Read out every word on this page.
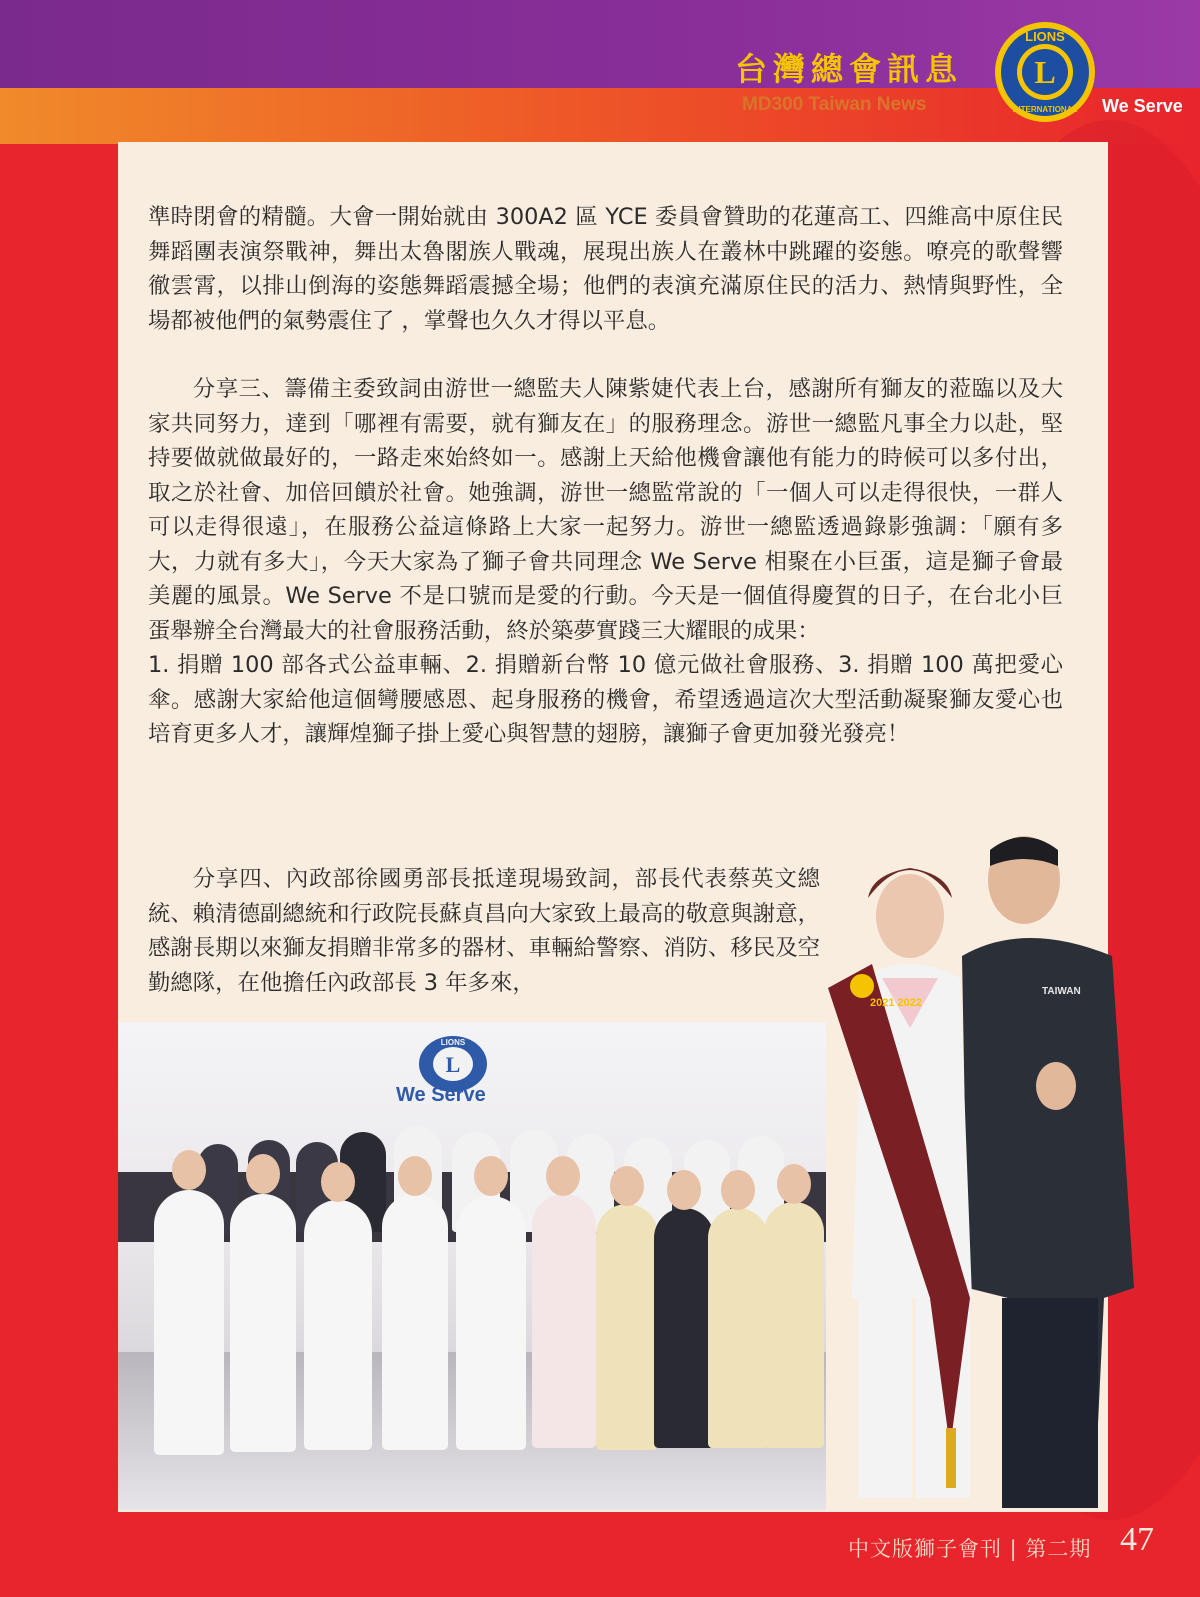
台灣總會訊息
MD300 Taiwan News
L
LIONS
INTERNATIONAL We Serve

準時閉會的精髓。大會一開始就由 300A2 區 YCE 委員會贊助的花蓮高工、四維高中原住民舞蹈團表演祭戰神，舞出太魯閣族人戰魂，展現出族人在叢林中跳躍的姿態。嘹亮的歌聲響徹雲霄，以排山倒海的姿態舞蹈震撼全場；他們的表演充滿原住民的活力、熱情與野性，全場都被他們的氣勢震住了 ，掌聲也久久才得以平息。

分享三、籌備主委致詞由游世一總監夫人陳紫婕代表上台，感謝所有獅友的蒞臨以及大家共同努力，達到「哪裡有需要，就有獅友在」的服務理念。游世一總監凡事全力以赴，堅持要做就做最好的，一路走來始終如一。感謝上天給他機會讓他有能力的時候可以多付出，取之於社會、加倍回饋於社會。她強調，游世一總監常說的「一個人可以走得很快，一群人可以走得很遠」，在服務公益這條路上大家一起努力。游世一總監透過錄影強調：「願有多大，力就有多大」，今天大家為了獅子會共同理念 We Serve 相聚在小巨蛋，這是獅子會最美麗的風景。We Serve 不是口號而是愛的行動。今天是一個值得慶賀的日子，在台北小巨蛋舉辦全台灣最大的社會服務活動，終於築夢實踐三大耀眼的成果：

1. 捐贈 100 部各式公益車輛、2. 捐贈新台幣 10 億元做社會服務、3. 捐贈 100 萬把愛心傘。感謝大家給他這個彎腰感恩、起身服務的機會，希望透過這次大型活動凝聚獅友愛心也培育更多人才，讓輝煌獅子掛上愛心與智慧的翅膀，讓獅子會更加發光發亮！

分享四、內政部徐國勇部長抵達現場致詞，部長代表蔡英文總統、賴清德副總統和行政院長蘇貞昌向大家致上最高的敬意與謝意，感謝長期以來獅友捐贈非常多的器材、車輛給警察、消防、移民及空勤總隊，在他擔任內政部長 3 年多來，

L
LIONS
We Serve
TAIWAN
2021 2022
中文版獅子會刊 | 第二期 47
